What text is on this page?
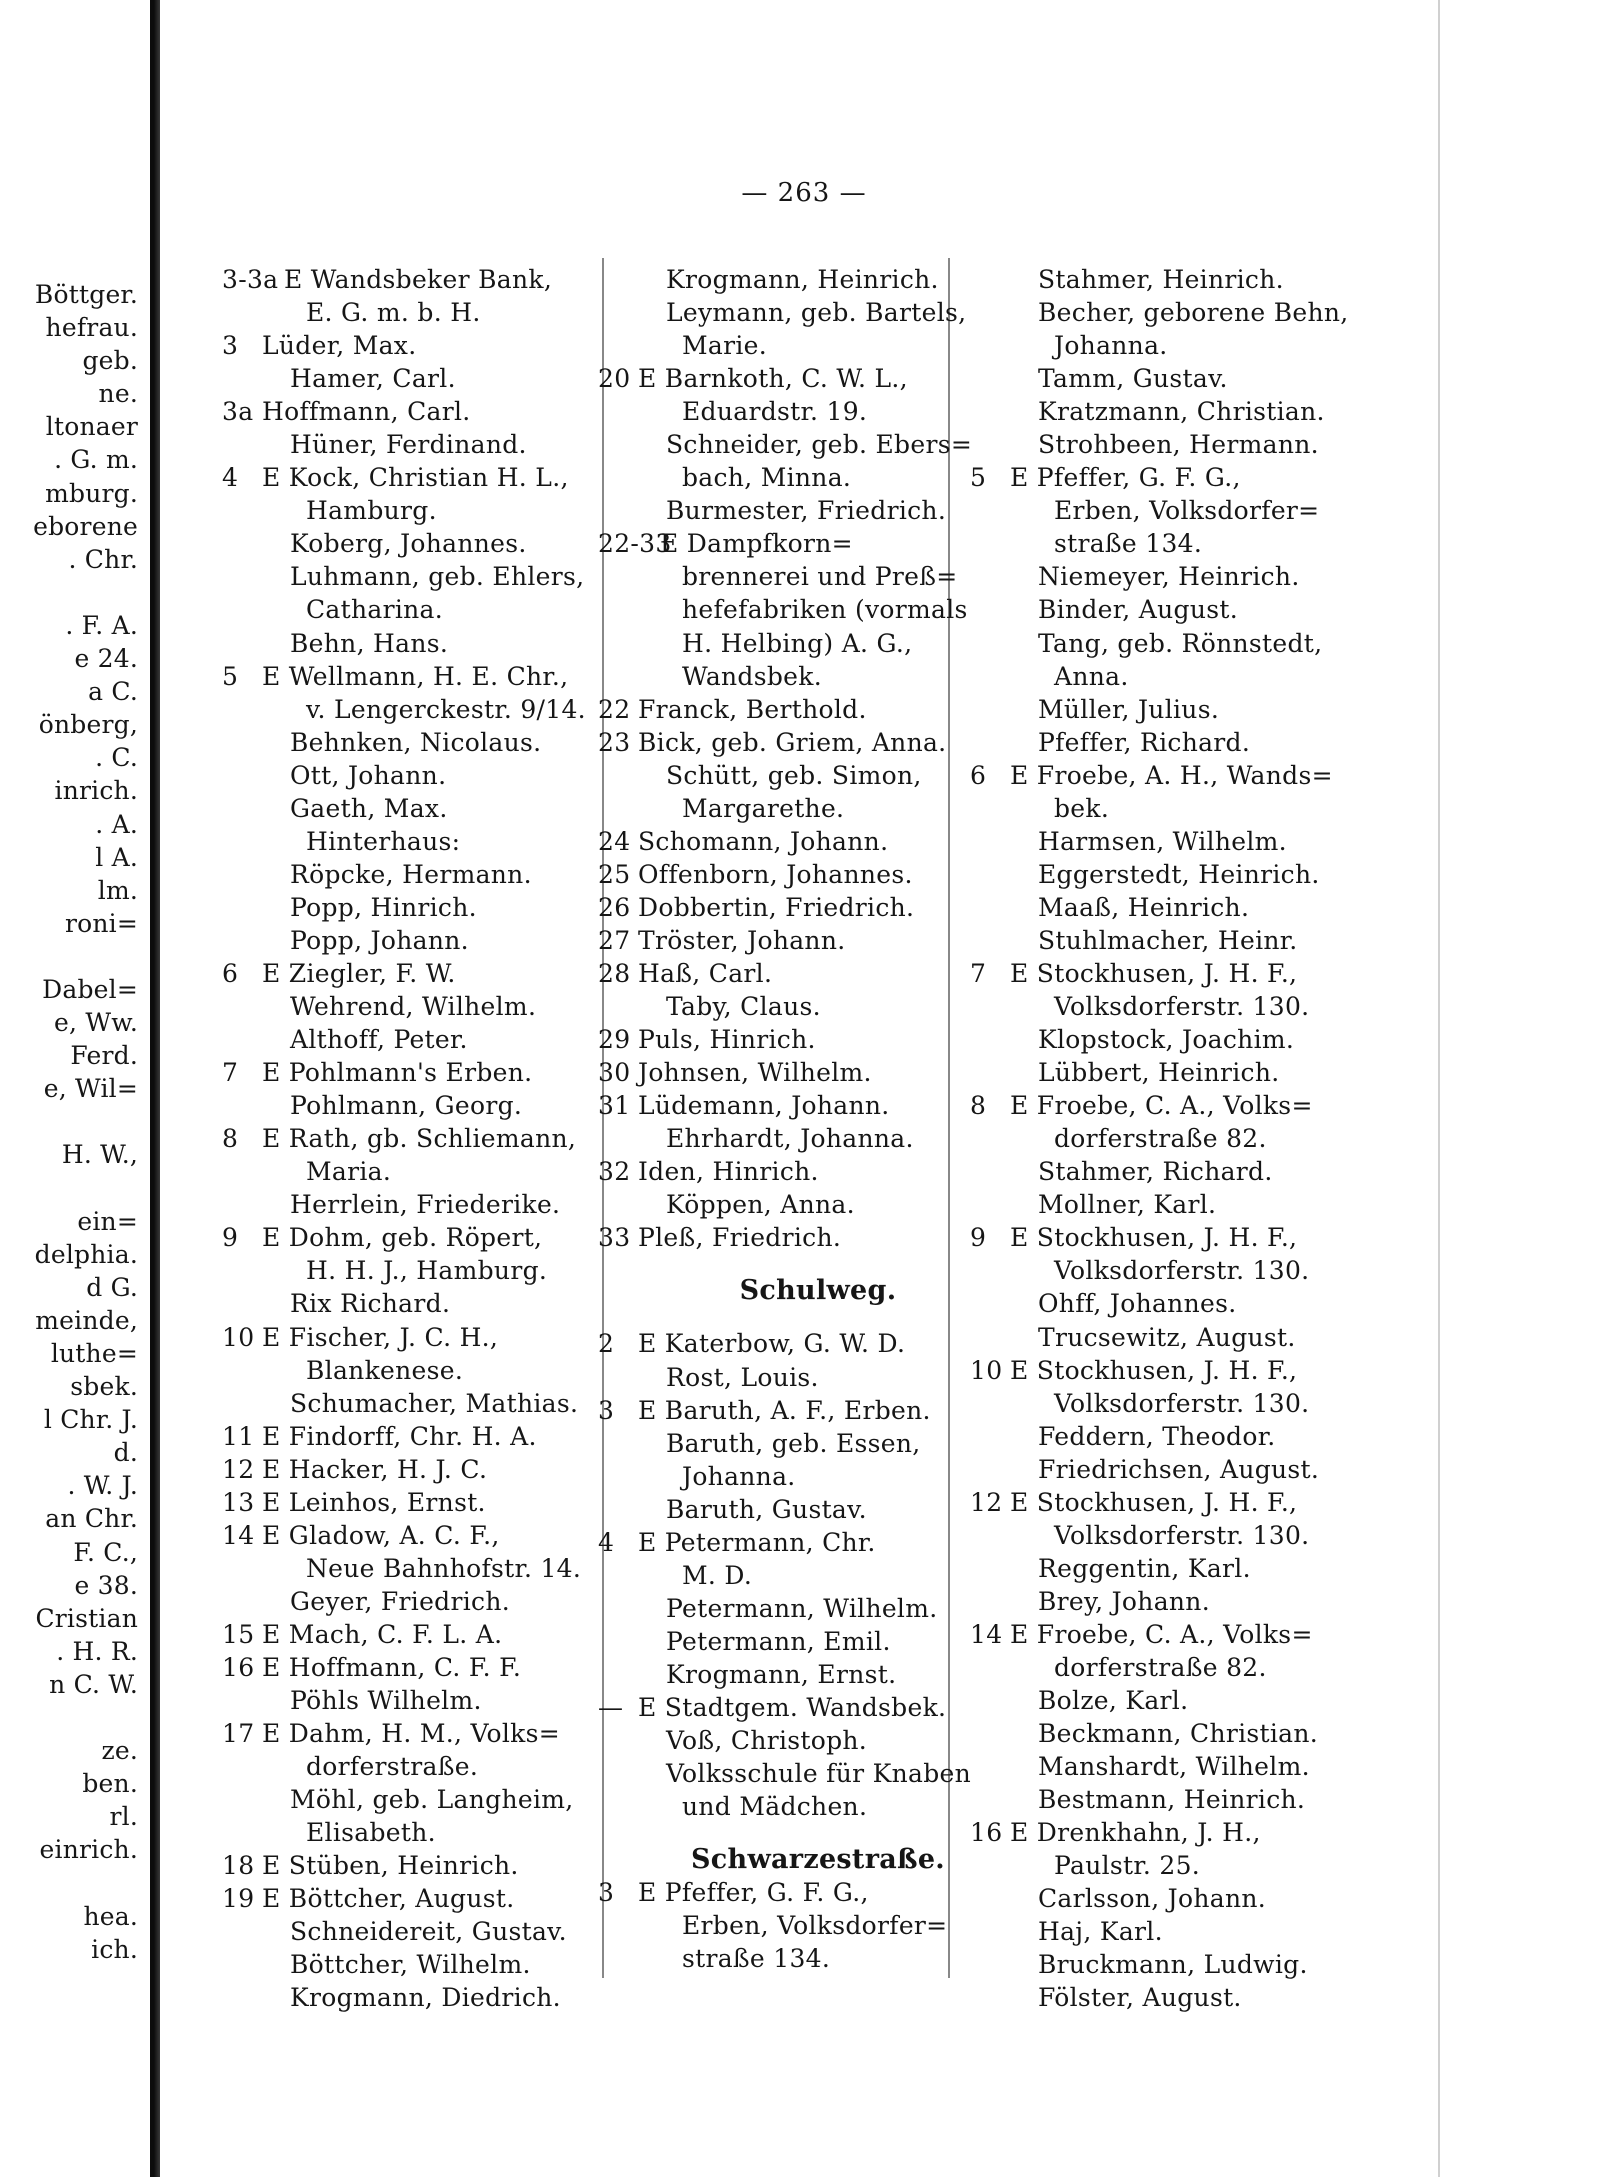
Böttger.
hefrau.
geb.
ne.
ltonaer
. G. m.
mburg.
eborene
. Chr.
. F. A.
e 24.
a C.
önberg,
. C.
inrich.
. A.
l A.
lm.
roni=
Dabel=
e, Ww.
Ferd.
e, Wil=
H. W.,
ein=
delphia.
d G.
meinde,
luthe=
sbek.
l Chr. J.
d.
. W. J.
an Chr.
F. C.,
e 38.
Cristian
. H. R.
n C. W.
ze.
ben.
rl.
einrich.
hea.
ich.
— 263 —
3-3a E Wandsbeker Bank,
E. G. m. b. H.
3 Lüder, Max.
Hamer, Carl.
3a Hoffmann, Carl.
Hüner, Ferdinand.
4 E Kock, Christian H. L.,
Hamburg.
Koberg, Johannes.
Luhmann, geb. Ehlers,
Catharina.
Behn, Hans.
5 E Wellmann, H. E. Chr.,
v. Lengerckestr. 9/14.
Behnken, Nicolaus.
Ott, Johann.
Gaeth, Max.
Hinterhaus:
Röpcke, Hermann.
Popp, Hinrich.
Popp, Johann.
6 E Ziegler, F. W.
Wehrend, Wilhelm.
Althoff, Peter.
7 E Pohlmann's Erben.
Pohlmann, Georg.
8 E Rath, gb. Schliemann,
Maria.
Herrlein, Friederike.
9 E Dohm, geb. Röpert,
H. H. J., Hamburg.
Rix Richard.
10 E Fischer, J. C. H.,
Blankenese.
Schumacher, Mathias.
11 E Findorff, Chr. H. A.
12 E Hacker, H. J. C.
13 E Leinhos, Ernst.
14 E Gladow, A. C. F.,
Neue Bahnhofstr. 14.
Geyer, Friedrich.
15 E Mach, C. F. L. A.
16 E Hoffmann, C. F. F.
Pöhls Wilhelm.
17 E Dahm, H. M., Volks=
dorferstraße.
Möhl, geb. Langheim,
Elisabeth.
18 E Stüben, Heinrich.
19 E Böttcher, August.
Schneidereit, Gustav.
Böttcher, Wilhelm.
Krogmann, Diedrich.
Krogmann, Heinrich.
Leymann, geb. Bartels,
Marie.
20 E Barnkoth, C. W. L.,
Eduardstr. 19.
Schneider, geb. Ebers=
bach, Minna.
Burmester, Friedrich.
22-33
E Dampfkorn=
brennerei und Preß=
hefefabriken (vormals
H. Helbing) A. G.,
Wandsbek.
22 Franck, Berthold.
23 Bick, geb. Griem, Anna.
Schütt, geb. Simon,
Margarethe.
24 Schomann, Johann.
25 Offenborn, Johannes.
26 Dobbertin, Friedrich.
27 Tröster, Johann.
28 Haß, Carl.
Taby, Claus.
29 Puls, Hinrich.
30 Johnsen, Wilhelm.
31 Lüdemann, Johann.
Ehrhardt, Johanna.
32 Iden, Hinrich.
Köppen, Anna.
33 Pleß, Friedrich.
Schulweg.
2 E Katerbow, G. W. D.
Rost, Louis.
3 E Baruth, A. F., Erben.
Baruth, geb. Essen,
Johanna.
Baruth, Gustav.
4 E Petermann, Chr.
M. D.
Petermann, Wilhelm.
Petermann, Emil.
Krogmann, Ernst.
— E Stadtgem. Wandsbek.
Voß, Christoph.
Volksschule für Knaben
und Mädchen.
Schwarzestraße.
3 E Pfeffer, G. F. G.,
Erben, Volksdorfer=
straße 134.
Stahmer, Heinrich.
Becher, geborene Behn,
Johanna.
Tamm, Gustav.
Kratzmann, Christian.
Strohbeen, Hermann.
5 E Pfeffer, G. F. G.,
Erben, Volksdorfer=
straße 134.
Niemeyer, Heinrich.
Binder, August.
Tang, geb. Rönnstedt,
Anna.
Müller, Julius.
Pfeffer, Richard.
6 E Froebe, A. H., Wands=
bek.
Harmsen, Wilhelm.
Eggerstedt, Heinrich.
Maaß, Heinrich.
Stuhlmacher, Heinr.
7 E Stockhusen, J. H. F.,
Volksdorferstr. 130.
Klopstock, Joachim.
Lübbert, Heinrich.
8 E Froebe, C. A., Volks=
dorferstraße 82.
Stahmer, Richard.
Mollner, Karl.
9 E Stockhusen, J. H. F.,
Volksdorferstr. 130.
Ohff, Johannes.
Trucsewitz, August.
10 E Stockhusen, J. H. F.,
Volksdorferstr. 130.
Feddern, Theodor.
Friedrichsen, August.
12 E Stockhusen, J. H. F.,
Volksdorferstr. 130.
Reggentin, Karl.
Brey, Johann.
14 E Froebe, C. A., Volks=
dorferstraße 82.
Bolze, Karl.
Beckmann, Christian.
Manshardt, Wilhelm.
Bestmann, Heinrich.
16 E Drenkhahn, J. H.,
Paulstr. 25.
Carlsson, Johann.
Haj, Karl.
Bruckmann, Ludwig.
Fölster, August.
